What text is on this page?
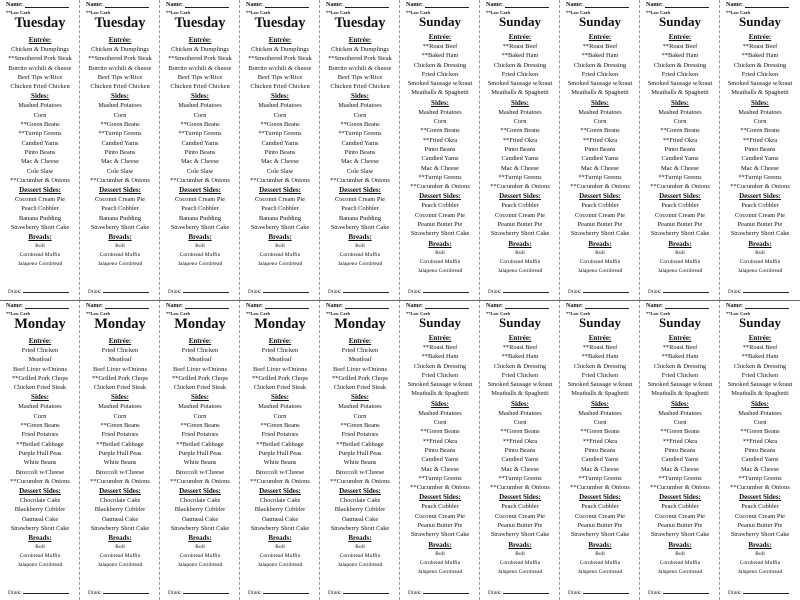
Name:
**Low Carb
Tuesday
Entrée:
Chicken & Dumplings
**Smothered Pork Steak
Burrito w/chili & cheese
Beef Tips w/Rice
Chicken Fried Chicken
Sides:
Mashed Potatoes
Corn
**Green Beans
**Turnip Greens
Candied Yams
Pinto Beans
Mac & Cheese
Cole Slaw
**Cucumber & Onions
Dessert Sides:
Coconut Cream Pie
Peach Cobbler
Banana Pudding
Strawberry Short Cake
Breads:
Roll
Cornbread Muffin
Jalapeno Cornbread
Drink:
Name:
**Low Carb
Tuesday
Entrée:
Chicken & Dumplings
**Smothered Pork Steak
Burrito w/chili & cheese
Beef Tips w/Rice
Chicken Fried Chicken
Sides:
Mashed Potatoes
Corn
**Green Beans
**Turnip Greens
Candied Yams
Pinto Beans
Mac & Cheese
Cole Slaw
**Cucumber & Onions
Dessert Sides:
Coconut Cream Pie
Peach Cobbler
Banana Pudding
Strawberry Short Cake
Breads:
Roll
Cornbread Muffin
Jalapeno Cornbread
Drink:
Name:
**Low Carb
Tuesday
Entrée:
Chicken & Dumplings
**Smothered Pork Steak
Burrito w/chili & cheese
Beef Tips w/Rice
Chicken Fried Chicken
Sides:
Mashed Potatoes
Corn
**Green Beans
**Turnip Greens
Candied Yams
Pinto Beans
Mac & Cheese
Cole Slaw
**Cucumber & Onions
Dessert Sides:
Coconut Cream Pie
Peach Cobbler
Banana Pudding
Strawberry Short Cake
Breads:
Roll
Cornbread Muffin
Jalapeno Cornbread
Drink:
Name:
**Low Carb
Tuesday
Entrée:
Chicken & Dumplings
**Smothered Pork Steak
Burrito w/chili & cheese
Beef Tips w/Rice
Chicken Fried Chicken
Sides:
Mashed Potatoes
Corn
**Green Beans
**Turnip Greens
Candied Yams
Pinto Beans
Mac & Cheese
Cole Slaw
**Cucumber & Onions
Dessert Sides:
Coconut Cream Pie
Peach Cobbler
Banana Pudding
Strawberry Short Cake
Breads:
Roll
Cornbread Muffin
Jalapeno Cornbread
Drink:
Name:
**Low Carb
Tuesday
Entrée:
Chicken & Dumplings
**Smothered Pork Steak
Burrito w/chili & cheese
Beef Tips w/Rice
Chicken Fried Chicken
Sides:
Mashed Potatoes
Corn
**Green Beans
**Turnip Greens
Candied Yams
Pinto Beans
Mac & Cheese
Cole Slaw
**Cucumber & Onions
Dessert Sides:
Coconut Cream Pie
Peach Cobbler
Banana Pudding
Strawberry Short Cake
Breads:
Roll
Cornbread Muffin
Jalapeno Cornbread
Drink:
Name:
**Low Carb
Sunday
Entrée:
**Roast Beef
**Baked Ham
Chicken & Dressing
Fried Chicken
Smoked Sausage w/kraut
Meatballs & Spaghetti
Sides:
Mashed Potatoes
Corn
**Green Beans
**Fried Okra
Pinto Beans
Candied Yams
Mac & Cheese
**Turnip Greens
**Cucumber & Onions
Dessert Sides:
Peach Cobbler
Coconut Cream Pie
Peanut Butter Pie
Strawberry Short Cake
Breads:
Roll
Cornbread Muffin
Jalapeno Cornbread
Drink:
Name:
**Low Carb
Sunday
Entrée:
**Roast Beef
**Baked Ham
Chicken & Dressing
Fried Chicken
Smoked Sausage w/kraut
Meatballs & Spaghetti
Sides:
Mashed Potatoes
Corn
**Green Beans
**Fried Okra
Pinto Beans
Candied Yams
Mac & Cheese
**Turnip Greens
**Cucumber & Onions
Dessert Sides:
Peach Cobbler
Coconut Cream Pie
Peanut Butter Pie
Strawberry Short Cake
Breads:
Roll
Cornbread Muffin
Jalapeno Cornbread
Drink:
Name:
**Low Carb
Sunday
Entrée:
**Roast Beef
**Baked Ham
Chicken & Dressing
Fried Chicken
Smoked Sausage w/kraut
Meatballs & Spaghetti
Sides:
Mashed Potatoes
Corn
**Green Beans
**Fried Okra
Pinto Beans
Candied Yams
Mac & Cheese
**Turnip Greens
**Cucumber & Onions
Dessert Sides:
Peach Cobbler
Coconut Cream Pie
Peanut Butter Pie
Strawberry Short Cake
Breads:
Roll
Cornbread Muffin
Jalapeno Cornbread
Drink:
Name:
**Low Carb
Sunday
Entrée:
**Roast Beef
**Baked Ham
Chicken & Dressing
Fried Chicken
Smoked Sausage w/kraut
Meatballs & Spaghetti
Sides:
Mashed Potatoes
Corn
**Green Beans
**Fried Okra
Pinto Beans
Candied Yams
Mac & Cheese
**Turnip Greens
**Cucumber & Onions
Dessert Sides:
Peach Cobbler
Coconut Cream Pie
Peanut Butter Pie
Strawberry Short Cake
Breads:
Roll
Cornbread Muffin
Jalapeno Cornbread
Drink:
Name:
**Low Carb
Sunday
Entrée:
**Roast Beef
**Baked Ham
Chicken & Dressing
Fried Chicken
Smoked Sausage w/kraut
Meatballs & Spaghetti
Sides:
Mashed Potatoes
Corn
**Green Beans
**Fried Okra
Pinto Beans
Candied Yams
Mac & Cheese
**Turnip Greens
**Cucumber & Onions
Dessert Sides:
Peach Cobbler
Coconut Cream Pie
Peanut Butter Pie
Strawberry Short Cake
Breads:
Roll
Cornbread Muffin
Jalapeno Cornbread
Drink:
Name:
**Low Carb
Monday
Entrée:
Fried Chicken
Meatloaf
Beef Liver w/Onions
**Grilled Pork Chops
Chicken Fried Steak
Sides:
Mashed Potatoes
Corn
**Green Beans
Fried Potatoes
**Boiled Cabbage
Purple Hull Peas
White Beans
Broccoli w/Cheese
**Cucumber & Onions
Dessert Sides:
Chocolate Cake
Blackberry Cobbler
Oatmeal Cake
Strawberry Short Cake
Breads:
Roll
Cornbread Muffin
Jalapeno Cornbread
Drink:
Name:
**Low Carb
Monday
Entrée:
Fried Chicken
Meatloaf
Beef Liver w/Onions
**Grilled Pork Chops
Chicken Fried Steak
Sides:
Mashed Potatoes
Corn
**Green Beans
Fried Potatoes
**Boiled Cabbage
Purple Hull Peas
White Beans
Broccoli w/Cheese
**Cucumber & Onions
Dessert Sides:
Chocolate Cake
Blackberry Cobbler
Oatmeal Cake
Strawberry Short Cake
Breads:
Roll
Cornbread Muffin
Jalapeno Cornbread
Drink:
Name:
**Low Carb
Monday
Entrée:
Fried Chicken
Meatloaf
Beef Liver w/Onions
**Grilled Pork Chops
Chicken Fried Steak
Sides:
Mashed Potatoes
Corn
**Green Beans
Fried Potatoes
**Boiled Cabbage
Purple Hull Peas
White Beans
Broccoli w/Cheese
**Cucumber & Onions
Dessert Sides:
Chocolate Cake
Blackberry Cobbler
Oatmeal Cake
Strawberry Short Cake
Breads:
Roll
Cornbread Muffin
Jalapeno Cornbread
Drink:
Name:
**Low Carb
Monday
Entrée:
Fried Chicken
Meatloaf
Beef Liver w/Onions
**Grilled Pork Chops
Chicken Fried Steak
Sides:
Mashed Potatoes
Corn
**Green Beans
Fried Potatoes
**Boiled Cabbage
Purple Hull Peas
White Beans
Broccoli w/Cheese
**Cucumber & Onions
Dessert Sides:
Chocolate Cake
Blackberry Cobbler
Oatmeal Cake
Strawberry Short Cake
Breads:
Roll
Cornbread Muffin
Jalapeno Cornbread
Drink:
Name:
**Low Carb
Monday
Entrée:
Fried Chicken
Meatloaf
Beef Liver w/Onions
**Grilled Pork Chops
Chicken Fried Steak
Sides:
Mashed Potatoes
Corn
**Green Beans
Fried Potatoes
**Boiled Cabbage
Purple Hull Peas
White Beans
Broccoli w/Cheese
**Cucumber & Onions
Dessert Sides:
Chocolate Cake
Blackberry Cobbler
Oatmeal Cake
Strawberry Short Cake
Breads:
Roll
Cornbread Muffin
Jalapeno Cornbread
Drink:
Name:
**Low Carb
Sunday
Entrée:
**Roast Beef
**Baked Ham
Chicken & Dressing
Fried Chicken
Smoked Sausage w/kraut
Meatballs & Spaghetti
Sides:
Mashed Potatoes
Corn
**Green Beans
**Fried Okra
Pinto Beans
Candied Yams
Mac & Cheese
**Turnip Greens
**Cucumber & Onions
Dessert Sides:
Peach Cobbler
Coconut Cream Pie
Peanut Butter Pie
Strawberry Short Cake
Breads:
Roll
Cornbread Muffin
Jalapeno Cornbread
Drink:
Name:
**Low Carb
Sunday
Entrée:
**Roast Beef
**Baked Ham
Chicken & Dressing
Fried Chicken
Smoked Sausage w/kraut
Meatballs & Spaghetti
Sides:
Mashed Potatoes
Corn
**Green Beans
**Fried Okra
Pinto Beans
Candied Yams
Mac & Cheese
**Turnip Greens
**Cucumber & Onions
Dessert Sides:
Peach Cobbler
Coconut Cream Pie
Peanut Butter Pie
Strawberry Short Cake
Breads:
Roll
Cornbread Muffin
Jalapeno Cornbread
Drink:
Name:
**Low Carb
Sunday
Entrée:
**Roast Beef
**Baked Ham
Chicken & Dressing
Fried Chicken
Smoked Sausage w/kraut
Meatballs & Spaghetti
Sides:
Mashed Potatoes
Corn
**Green Beans
**Fried Okra
Pinto Beans
Candied Yams
Mac & Cheese
**Turnip Greens
**Cucumber & Onions
Dessert Sides:
Peach Cobbler
Coconut Cream Pie
Peanut Butter Pie
Strawberry Short Cake
Breads:
Roll
Cornbread Muffin
Jalapeno Cornbread
Drink:
Name:
**Low Carb
Sunday
Entrée:
**Roast Beef
**Baked Ham
Chicken & Dressing
Fried Chicken
Smoked Sausage w/kraut
Meatballs & Spaghetti
Sides:
Mashed Potatoes
Corn
**Green Beans
**Fried Okra
Pinto Beans
Candied Yams
Mac & Cheese
**Turnip Greens
**Cucumber & Onions
Dessert Sides:
Peach Cobbler
Coconut Cream Pie
Peanut Butter Pie
Strawberry Short Cake
Breads:
Roll
Cornbread Muffin
Jalapeno Cornbread
Drink:
Name:
**Low Carb
Sunday
Entrée:
**Roast Beef
**Baked Ham
Chicken & Dressing
Fried Chicken
Smoked Sausage w/kraut
Meatballs & Spaghetti
Sides:
Mashed Potatoes
Corn
**Green Beans
**Fried Okra
Pinto Beans
Candied Yams
Mac & Cheese
**Turnip Greens
**Cucumber & Onions
Dessert Sides:
Peach Cobbler
Coconut Cream Pie
Peanut Butter Pie
Strawberry Short Cake
Breads:
Roll
Cornbread Muffin
Jalapeno Cornbread
Drink:
